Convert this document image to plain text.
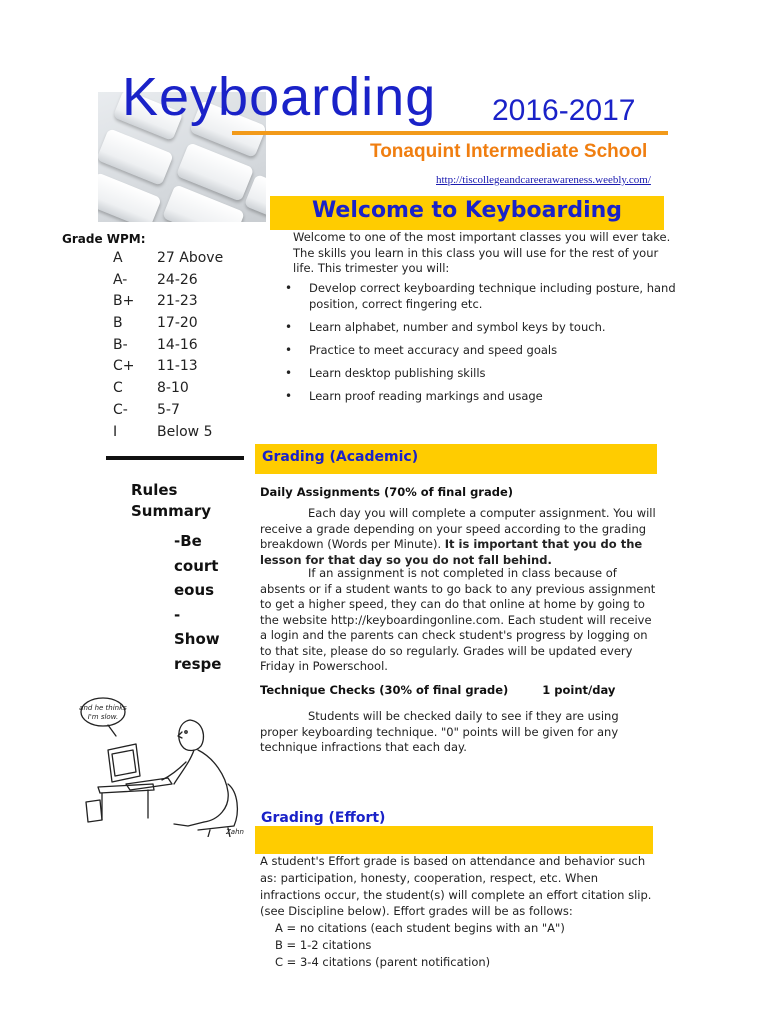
Keyboarding 2016-2017
Tonaquint Intermediate School
http://tiscollegeandcareerawareness.weebly.com/
Welcome to Keyboarding
Welcome to one of the most important classes you will ever take. The skills you learn in this class you will use for the rest of your life. This trimester you will:
• Develop correct keyboarding technique including posture, hand position, correct fingering etc.
• Learn alphabet, number and symbol keys by touch.
• Practice to meet accuracy and speed goals
• Learn desktop publishing skills
• Learn proof reading markings and usage
Grade WPM:
A	27 Above
A-	24-26
B+	21-23
B	17-20
B-	14-16
C+	11-13
C	8-10
C-	5-7
I	Below 5
Rules
Summary
-Be
court
eous
-
Show
respe
and he thinks
I'm slow.
Zahn
Grading (Academic)
Daily Assignments (70% of final grade)
Each day you will complete a computer assignment. You will receive a grade depending on your speed according to the grading breakdown (Words per Minute). It is important that you do the lesson for that day so you do not fall behind.
If an assignment is not completed in class because of absents or if a student wants to go back to any previous assignment to get a higher speed, they can do that online at home by going to the website http://keyboardingonline.com. Each student will receive a login and the parents can check student's progress by logging on to that site, please do so regularly. Grades will be updated every Friday in Powerschool.
Technique Checks (30% of final grade)	1 point/day
Students will be checked daily to see if they are using proper keyboarding technique. "0" points will be given for any technique infractions that each day.
Grading (Effort)
A student's Effort grade is based on attendance and behavior such as: participation, honesty, cooperation, respect, etc. When infractions occur, the student(s) will complete an effort citation slip. (see Discipline below). Effort grades will be as follows:
A = no citations (each student begins with an "A")
B = 1-2 citations
C = 3-4 citations (parent notification)
